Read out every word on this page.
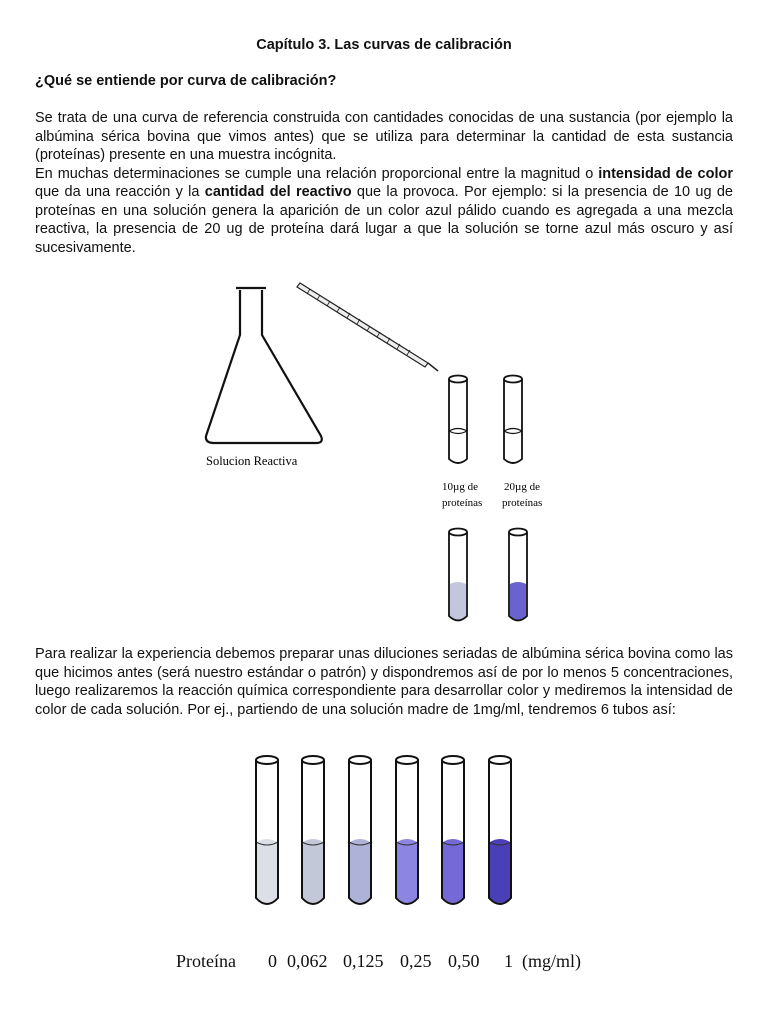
Capítulo 3. Las curvas de calibración
¿Qué se entiende por curva de calibración?

Se trata de una curva de referencia construida con cantidades conocidas de una sustancia (por ejemplo la albúmina sérica bovina que vimos antes) que se utiliza para determinar la cantidad de esta sustancia (proteínas) presente en una muestra incógnita.
En muchas determinaciones se cumple una relación proporcional entre la magnitud o intensidad de color que da una reacción y la cantidad del reactivo que la provoca. Por ejemplo: si la presencia de 10 ug de proteínas en una solución genera la aparición de un color azul pálido cuando es agregada a una mezcla reactiva, la presencia de 20 ug de proteína dará lugar a que la solución se torne azul más oscuro y así sucesivamente.

Para realizar la experiencia debemos preparar unas diluciones seriadas de albúmina sérica bovina como las que hicimos antes (será nuestro estándar o patrón) y dispondremos así de por lo menos 5 concentraciones, luego realizaremos la reacción química correspondiente para desarrollar color y mediremos la intensidad de color de cada solución. Por ej., partiendo de una solución madre de 1mg/ml, tendremos 6 tubos así:

Solucion Reactiva
10µg de
proteínas
20µg de
proteínas
Proteína 0 0,062 0,125 0,25 0,50 1 (mg/ml)
